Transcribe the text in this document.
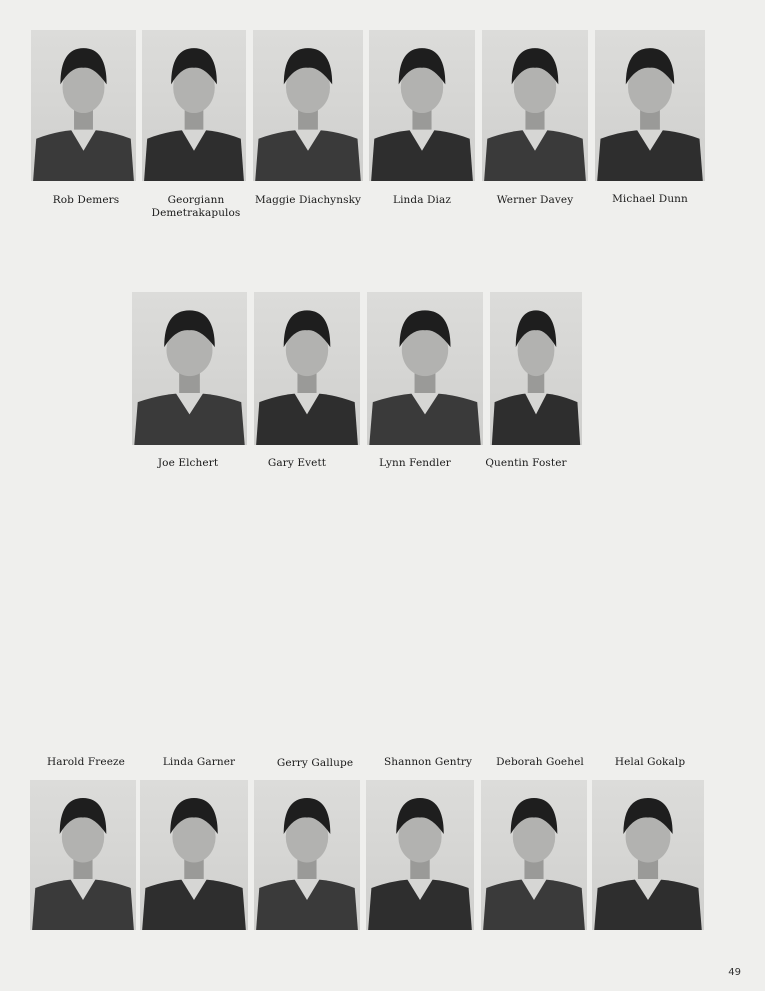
Rob Demers	Georgiann Demetrakapulos
Maggie Diachynsky	Linda Diaz	Werner Davey	Michael Dunn
Joe Elchert	Gary Evett	Lynn Fendler	Quentin Foster
Harold Freeze	Linda Garner	Gerry Gallupe	Shannon Gentry	Deborah Goehel	Helal Gokalp
49
